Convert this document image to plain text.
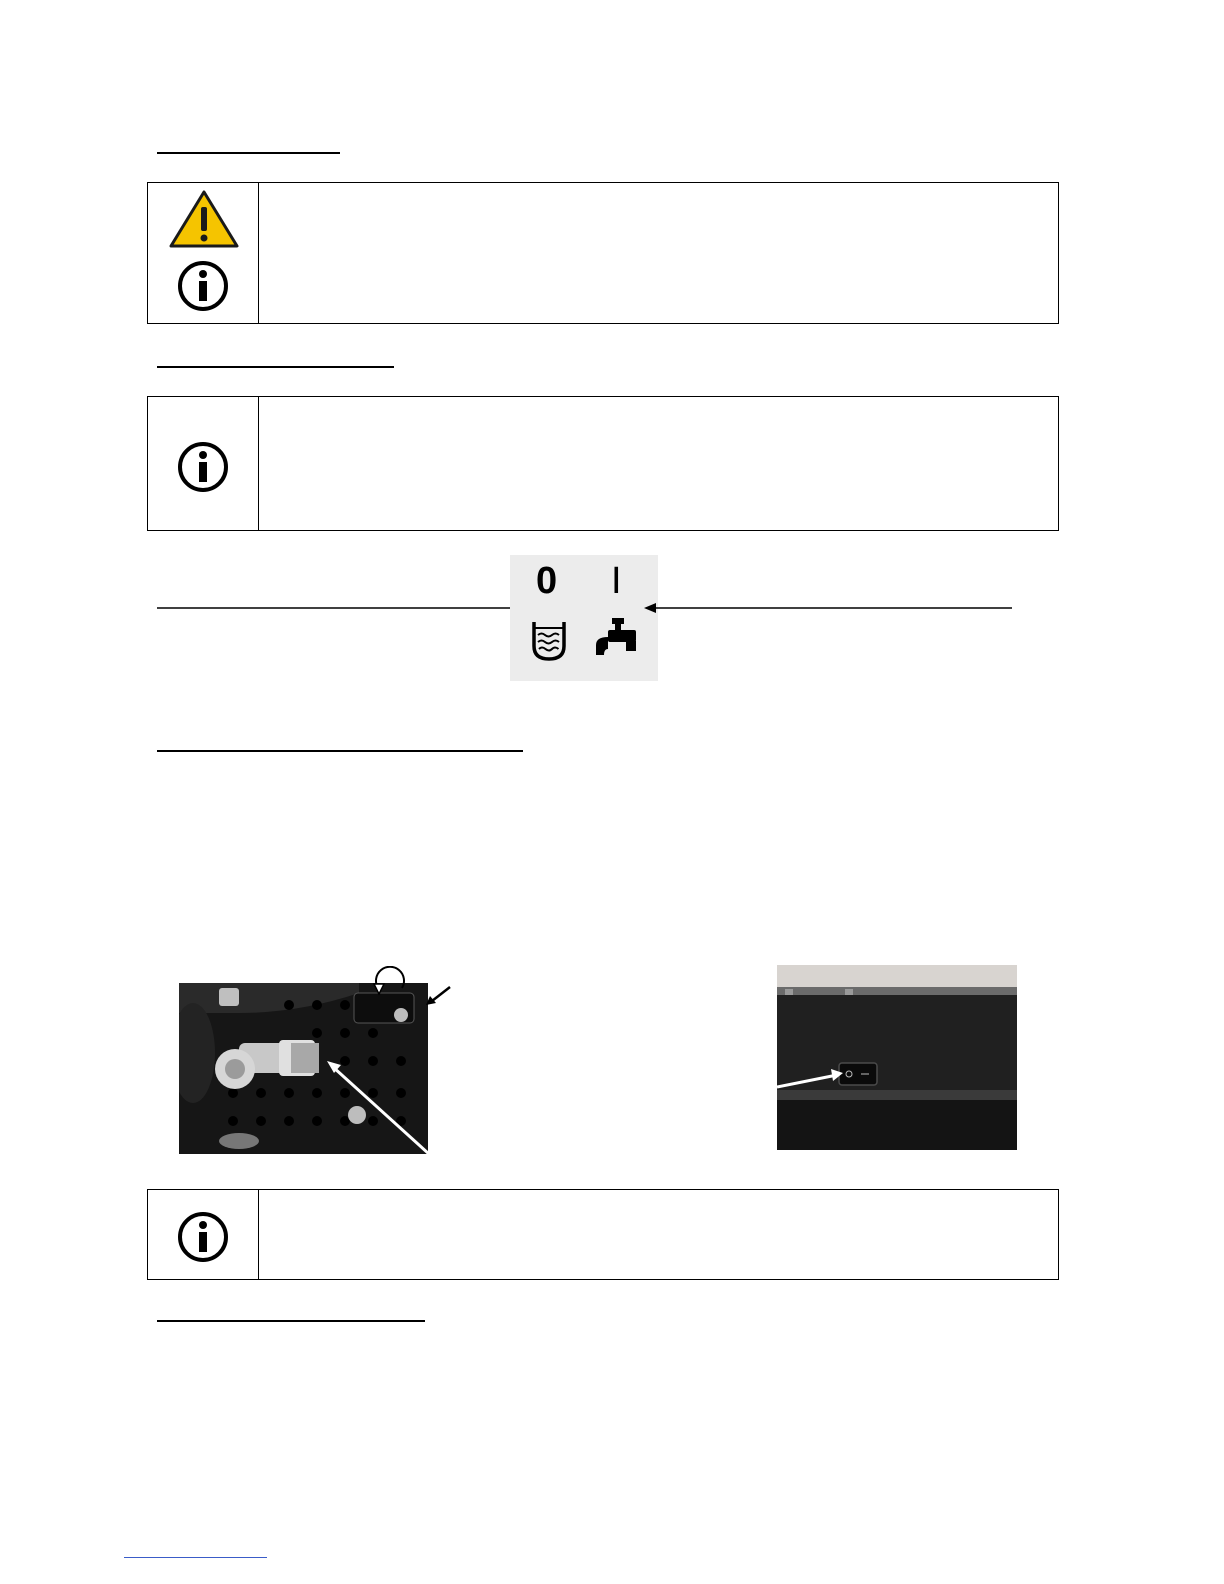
0 I
